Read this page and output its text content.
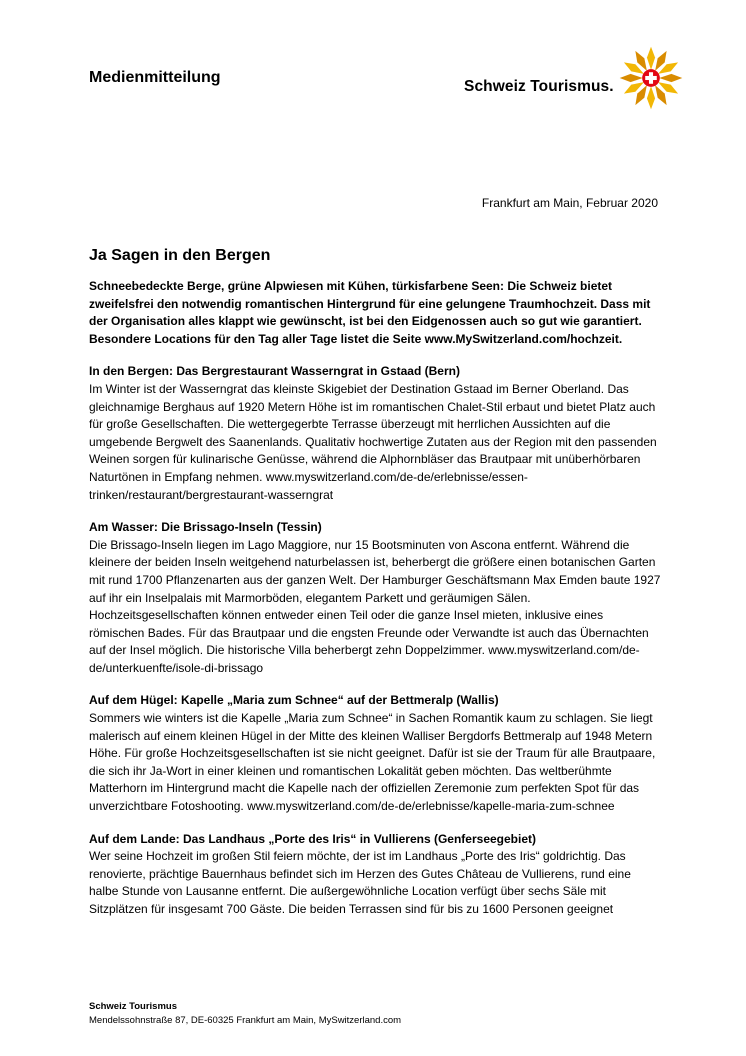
Medienmitteilung
Schweiz Tourismus.
Frankfurt am Main, Februar 2020
Ja Sagen in den Bergen

Schneebedeckte Berge, grüne Alpwiesen mit Kühen, türkisfarbene Seen: Die Schweiz bietet zweifelsfrei den notwendig romantischen Hintergrund für eine gelungene Traumhochzeit. Dass mit der Organisation alles klappt wie gewünscht, ist bei den Eidgenossen auch so gut wie garantiert. Besondere Locations für den Tag aller Tage listet die Seite www.MySwitzerland.com/hochzeit.

In den Bergen: Das Bergrestaurant Wasserngrat in Gstaad (Bern)

Im Winter ist der Wasserngrat das kleinste Skigebiet der Destination Gstaad im Berner Oberland. Das gleichnamige Berghaus auf 1920 Metern Höhe ist im romantischen Chalet-Stil erbaut und bietet Platz auch für große Gesellschaften. Die wettergegerbte Terrasse überzeugt mit herrlichen Aussichten auf die umgebende Bergwelt des Saanenlands. Qualitativ hochwertige Zutaten aus der Region mit den passenden Weinen sorgen für kulinarische Genüsse, während die Alphornbläser das Brautpaar mit unüberhörbaren Naturtönen in Empfang nehmen. www.myswitzerland.com/de-de/erlebnisse/essen-trinken/restaurant/bergrestaurant-wasserngrat

Am Wasser: Die Brissago-Inseln (Tessin)

Die Brissago-Inseln liegen im Lago Maggiore, nur 15 Bootsminuten von Ascona entfernt. Während die kleinere der beiden Inseln weitgehend naturbelassen ist, beherbergt die größere einen botanischen Garten mit rund 1700 Pflanzenarten aus der ganzen Welt. Der Hamburger Geschäftsmann Max Emden baute 1927 auf ihr ein Inselpalais mit Marmorböden, elegantem Parkett und geräumigen Sälen. Hochzeitsgesellschaften können entweder einen Teil oder die ganze Insel mieten, inklusive eines römischen Bades. Für das Brautpaar und die engsten Freunde oder Verwandte ist auch das Übernachten auf der Insel möglich. Die historische Villa beherbergt zehn Doppelzimmer. www.myswitzerland.com/de-de/unterkuenfte/isole-di-brissago

Auf dem Hügel: Kapelle „Maria zum Schnee“ auf der Bettmeralp (Wallis)

Sommers wie winters ist die Kapelle „Maria zum Schnee“ in Sachen Romantik kaum zu schlagen. Sie liegt malerisch auf einem kleinen Hügel in der Mitte des kleinen Walliser Bergdorfs Bettmeralp auf 1948 Metern Höhe. Für große Hochzeitsgesellschaften ist sie nicht geeignet. Dafür ist sie der Traum für alle Brautpaare, die sich ihr Ja-Wort in einer kleinen und romantischen Lokalität geben möchten. Das weltberühmte Matterhorn im Hintergrund macht die Kapelle nach der offiziellen Zeremonie zum perfekten Spot für das unverzichtbare Fotoshooting. www.myswitzerland.com/de-de/erlebnisse/kapelle-maria-zum-schnee

Auf dem Lande: Das Landhaus „Porte des Iris“ in Vullierens (Genferseegebiet)

Wer seine Hochzeit im großen Stil feiern möchte, der ist im Landhaus „Porte des Iris“ goldrichtig. Das renovierte, prächtige Bauernhaus befindet sich im Herzen des Gutes Château de Vullierens, rund eine halbe Stunde von Lausanne entfernt. Die außergewöhnliche Location verfügt über sechs Säle mit Sitzplätzen für insgesamt 700 Gäste. Die beiden Terrassen sind für bis zu 1600 Personen geeignet

Schweiz Tourismus
Mendelssohnstraße 87, DE-60325 Frankfurt am Main, MySwitzerland.com
